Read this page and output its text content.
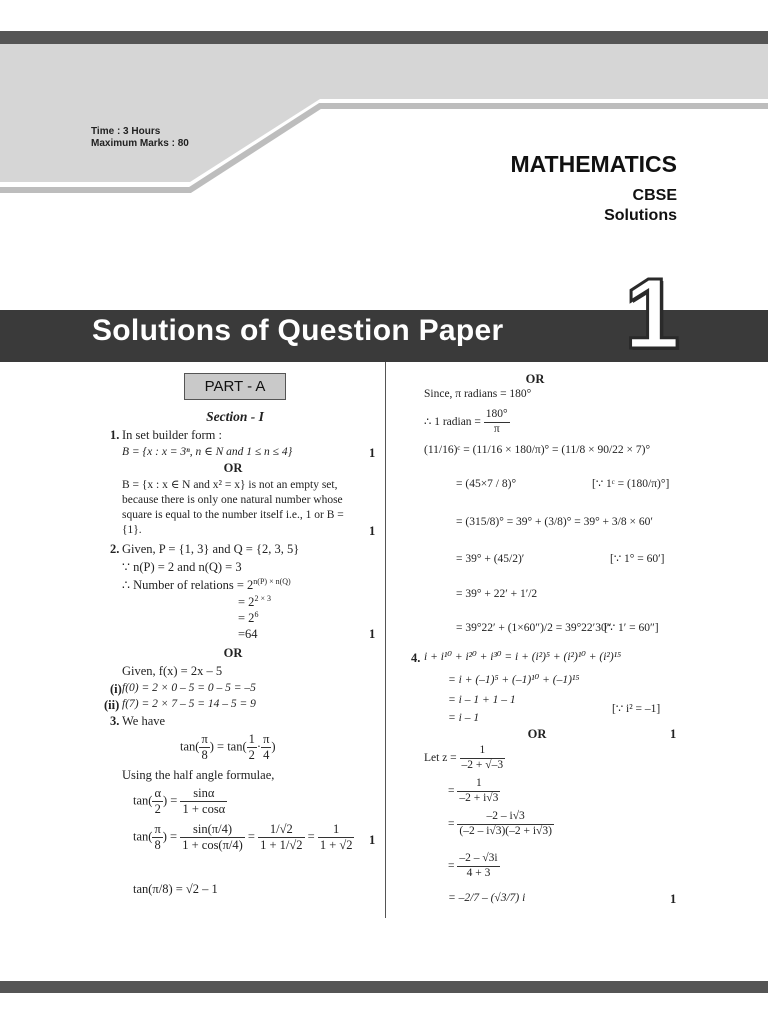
Time : 3 Hours
Maximum Marks : 80
MATHEMATICS
CBSE
Solutions
Solutions of Question Paper 1
PART - A
Section - I
1. In set builder form :
B = {x : x = 3ⁿ, n ∈ N and 1 ≤ n ≤ 4}	1
OR
B = {x : x ∈ N and x² = x} is not an empty set,
because there is only one natural number whose
square is equal to the number itself i.e., 1 or B =
{1}.	1
2. Given, P = {1, 3} and Q = {2, 3, 5}
∵ n(P) = 2 and n(Q) = 3
∴ Number of relations = $2^{n(P) \times n(Q)}$
= $2^{2 \times 3}$
= $2^6$
=64	1
OR
Given, f(x) = 2x – 5
(i) f(0) = 2 × 0 – 5 = 0 – 5 = –5
(ii) f(7) = 2 × 7 – 5 = 14 – 5 = 9
3. We have
$\tan( \frac{\pi}{8}$ ) = $\tan( \frac{1}{2} \cdot \frac{\pi}{4}$ )
Using the half angle formulae,
$\tan( \frac{\alpha}{2}$ ) = $\frac{\sin\alpha}{1 + \cos\alpha}$
$\tan( \frac{\pi}{8}$ ) = $\frac{\sin(\pi/4)}{1 + \cos(\pi/4)} = \frac{1/√2}{1 + 1/√2} = \frac{1}{1 + √2} 1$
tan(π/8) = √2 – 1
OR
Since, π radians = 180°
∴ 1 radian = $\frac{180^\circ}{\pi}$
(11/16)ᶜ = (11/16 × 180/π)° = (11/8 × 90/22 × 7)°
= (45×7 / 8)°	[∵ 1ᶜ = (180/π)°]
= (315/8)° = 39° + (3/8)° = 39° + 3/8 × 60′
= 39° + (45/2)′	[∵ 1° = 60′]
= 39° + 22′ + 1′/2
= 39°22′ + (1×60″)/2 = 39°22′30″
[∵ 1′ = 60″]
4. i + i¹⁰ + i²⁰ + i³⁰ = i + (i²)⁵ + (i²)¹⁰ + (i²)¹⁵
= i + (–1)⁵ + (–1)¹⁰ + (–1)¹⁵
= i – 1 + 1 – 1
= i – 1
[∵ i² = –1]
OR	1
Let $z = \frac{1}{-2 + √-3}$
= $\frac{1}{-2 + i√3}$
= $\frac{-2 - i√3}{(-2 - i√3)(-2 + i√3)}$
= $\frac{-2 - √3i}{4 + 3}$
= –2/7 – (√3/7) i	1
